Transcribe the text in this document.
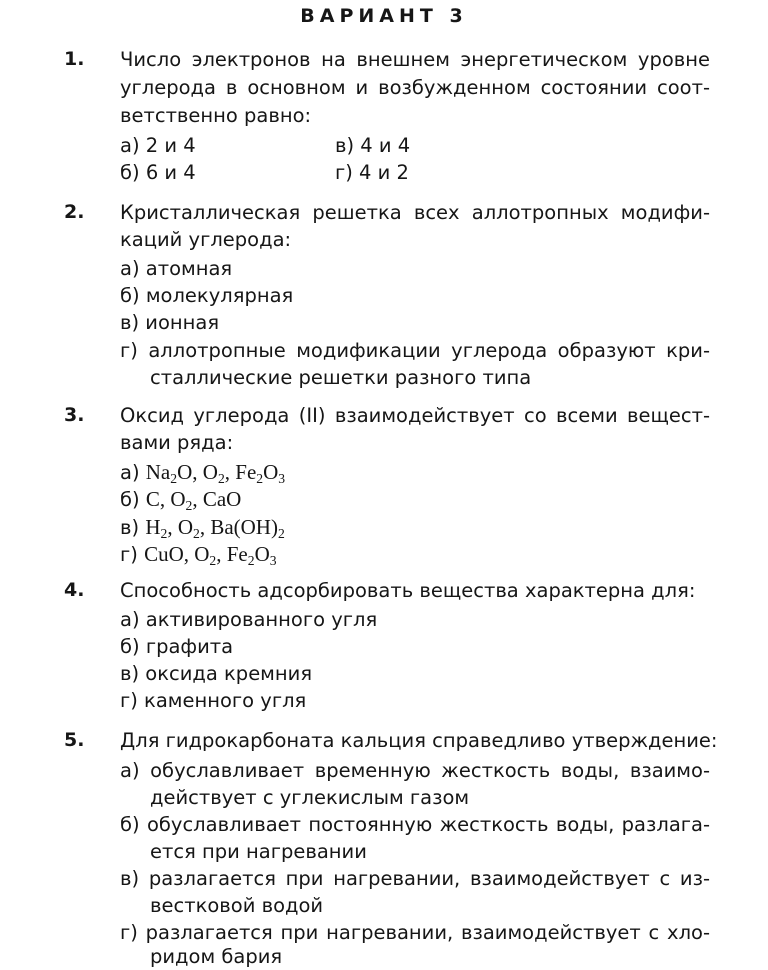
ВАРИАНТ 3
1. Число электронов на внешнем энергетическом уровне
углерода в основном и возбужденном состоянии соот-
ветственно равно:
а) 2 и 4
б) 6 и 4
в) 4 и 4
г) 4 и 2
2. Кристаллическая решетка всех аллотропных модифи-
каций углерода:
а) атомная
б) молекулярная
в) ионная
г) аллотропные модификации углерода образуют кри-
сталлические решетки разного типа
3. Оксид углерода (II) взаимодействует со всеми вещест-
вами ряда:
а) $Na_2O$, $O_2$, $Fe_2O_3$
б) C, $O_2$, CaO
в) $H_2$, $O_2$, $Ba(OH)_2$
г) CuO, $O_2$, $Fe_2O_3$
4. Способность адсорбировать вещества характерна для:
а) активированного угля
б) графита
в) оксида кремния
г) каменного угля
5. Для гидрокарбоната кальция справедливо утверждение:
а) обуславливает временную жесткость воды, взаимо-
действует с углекислым газом
б) обуславливает постоянную жесткость воды, разлага-
ется при нагревании
в) разлагается при нагревании, взаимодействует с из-
вестковой водой
г) разлагается при нагревании, взаимодействует с хло-
ридом бария
